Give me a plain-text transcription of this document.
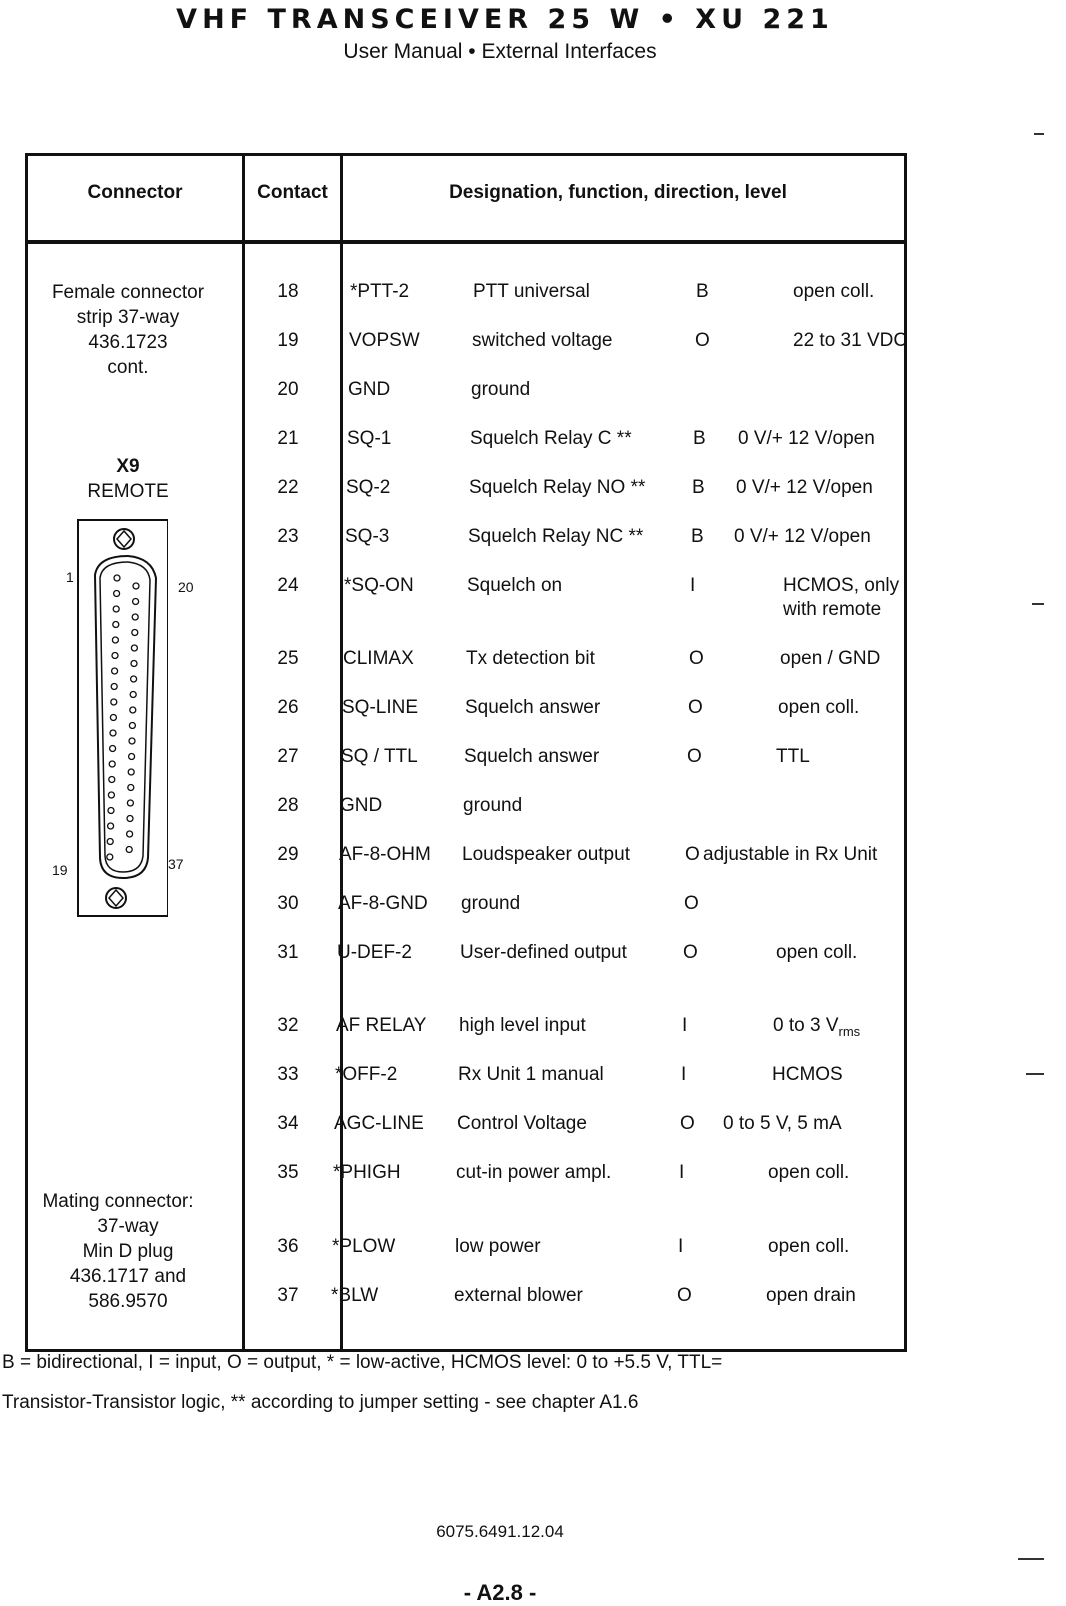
VHF TRANSCEIVER 25 W • XU 221
User Manual • External Interfaces
Connector	Contact	Designation, function, direction, level
Female connector
strip 37-way
436.1723
cont.
X9
REMOTE
1
20
19	37
Mating connector:
37-way
Min D plug
436.1717 and
586.9570
18	*PTT-2	PTT universal	B	open coll.
19	VOPSW	switched voltage	O	22 to 31 VDC
20	GND	ground
21	SQ-1	Squelch Relay C **	B 0 V/+ 12 V/open
22	SQ-2	Squelch Relay NO ** B 0 V/+ 12 V/open
23	SQ-3	Squelch Relay NC **	B 0 V/+ 12 V/open
24	*SQ-ON	Squelch on	I	HCMOS, only
with remote
25	CLIMAX	Tx detection bit	O	open / GND
26	SQ-LINE Squelch answer	O	open coll.
27	SQ / TTL Squelch answer	O	TTL
28	GND	ground
29	AF-8-OHM Loudspeaker output	O adjustable in Rx Unit
30	AF-8-GND ground	O
31	U-DEF-2	User-defined output	O	open coll.
32	AF RELAY high level input	I	0 to 3 $V_{rms}$
33	*OFF-2	Rx Unit 1 manual	I	HCMOS
34	AGC-LINE Control Voltage	O 0 to 5 V, 5 mA
35	*PHIGH	cut-in power ampl.	I	open coll.
36	*PLOW	low power	I	open coll.
37	*BLW	external blower	O	open drain
B = bidirectional, I = input, O = output, * = low-active, HCMOS level: 0 to +5.5 V, TTL=
Transistor-Transistor logic, ** according to jumper setting - see chapter A1.6
6075.6491.12.04
- A2.8 -
